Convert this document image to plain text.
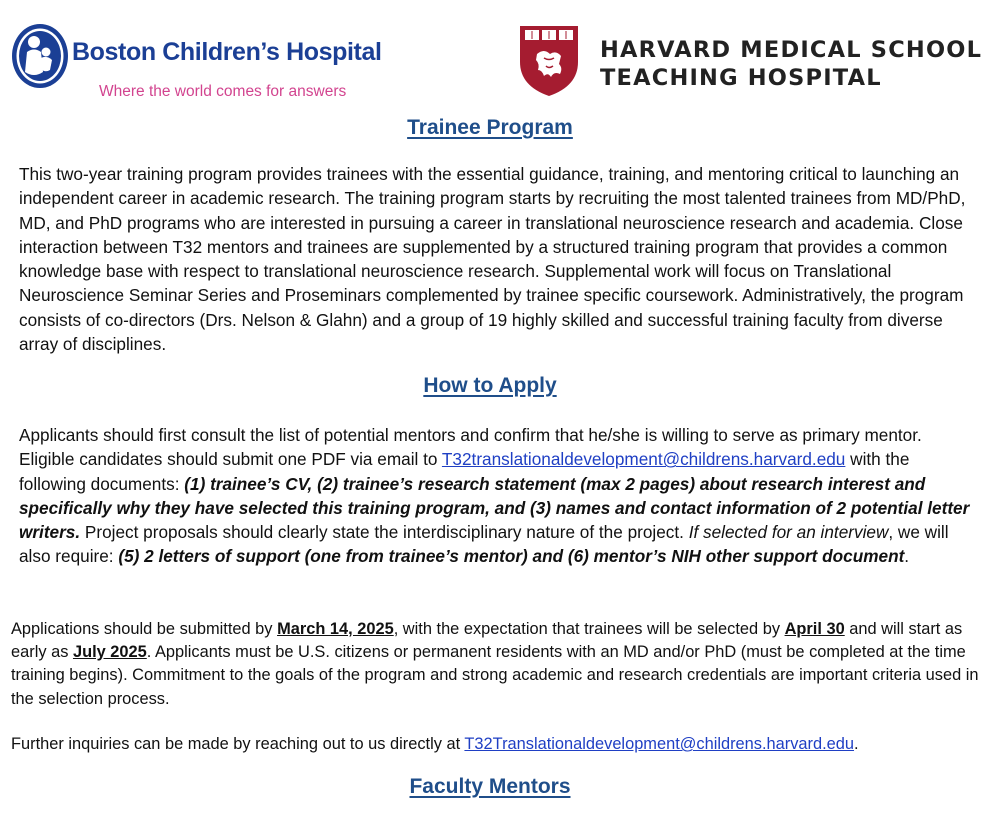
Boston Children’s Hospital
Where the world comes for answers
HARVARD MEDICAL SCHOOL
TEACHING HOSPITAL
Trainee Program

This two-year training program provides trainees with the essential guidance, training, and mentoring critical to launching an independent career in academic research. The training program starts by recruiting the most talented trainees from MD/PhD, MD, and PhD programs who are interested in pursuing a career in translational neuroscience research and academia. Close interaction between T32 mentors and trainees are supplemented by a structured training program that provides a common knowledge base with respect to translational neuroscience research. Supplemental work will focus on Translational Neuroscience Seminar Series and Proseminars complemented by trainee specific coursework. Administratively, the program consists of co-directors (Drs. Nelson & Glahn) and a group of 19 highly skilled and successful training faculty from diverse array of disciplines.

How to Apply

Applicants should first consult the list of potential mentors and confirm that he/she is willing to serve as primary mentor. Eligible candidates should submit one PDF via email to T32translationaldevelopment@childrens.harvard.edu with the following documents: (1) trainee’s CV, (2) trainee’s research statement (max 2 pages) about research interest and specifically why they have selected this training program, and (3) names and contact information of 2 potential letter writers. Project proposals should clearly state the interdisciplinary nature of the project. If selected for an interview, we will also require: (5) 2 letters of support (one from trainee’s mentor) and (6) mentor’s NIH other support document.

Applications should be submitted by March 14, 2025, with the expectation that trainees will be selected by April 30 and will start as early as July 2025. Applicants must be U.S. citizens or permanent residents with an MD and/or PhD (must be completed at the time training begins). Commitment to the goals of the program and strong academic and research credentials are important criteria used in the selection process.

Further inquiries can be made by reaching out to us directly at T32Translationaldevelopment@childrens.harvard.edu.

Faculty Mentors
